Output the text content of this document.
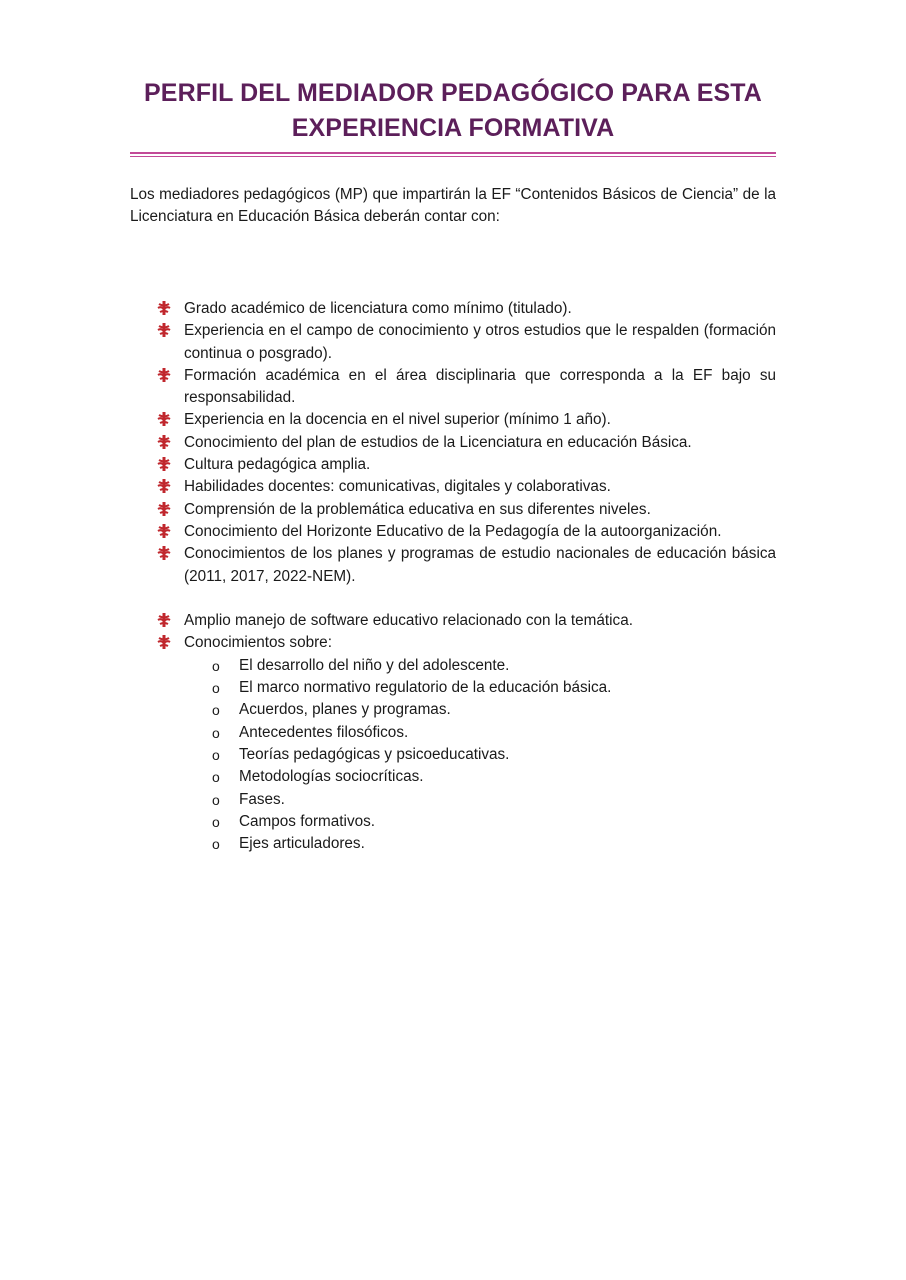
PERFIL DEL MEDIADOR PEDAGÓGICO PARA ESTA
EXPERIENCIA FORMATIVA

Los mediadores pedagógicos (MP) que impartirán la EF “Contenidos Básicos de Ciencia” de la Licenciatura en Educación Básica deberán contar con:

Grado académico de licenciatura como mínimo (titulado).
Experiencia en el campo de conocimiento y otros estudios que le respalden (formación continua o posgrado).
Formación académica en el área disciplinaria que corresponda a la EF bajo su responsabilidad.
Experiencia en la docencia en el nivel superior (mínimo 1 año).
Conocimiento del plan de estudios de la Licenciatura en educación Básica.
Cultura pedagógica amplia.
Habilidades docentes: comunicativas, digitales y colaborativas.
Comprensión de la problemática educativa en sus diferentes niveles.
Conocimiento del Horizonte Educativo de la Pedagogía de la autoorganización.
Conocimientos de los planes y programas de estudio nacionales de educación básica (2011, 2017, 2022-NEM).
Amplio manejo de software educativo relacionado con la temática.
Conocimientos sobre:
o El desarrollo del niño y del adolescente.
o El marco normativo regulatorio de la educación básica.
o Acuerdos, planes y programas.
o Antecedentes filosóficos.
o Teorías pedagógicas y psicoeducativas.
o Metodologías sociocríticas.
o Fases.
o Campos formativos.
o Ejes articuladores.
